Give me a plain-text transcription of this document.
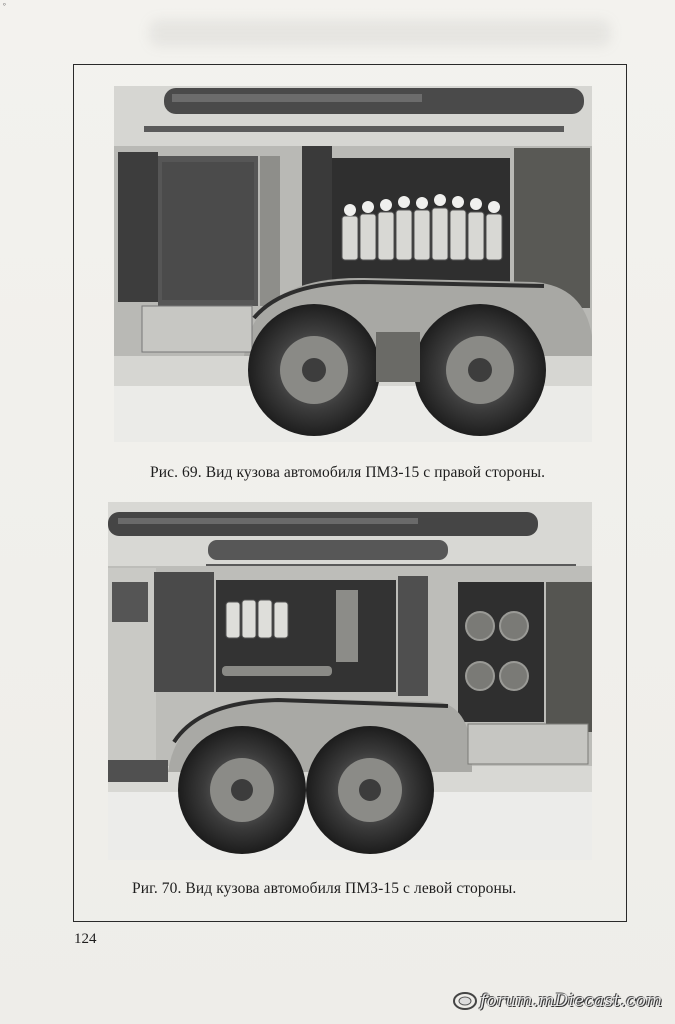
°
Рис. 69. Вид кузова автомобиля ПМЗ-15 с правой стороны.
Риг. 70. Вид кузова автомобиля ПМЗ-15 с левой стороны.
124
forum.mDiecast.com
